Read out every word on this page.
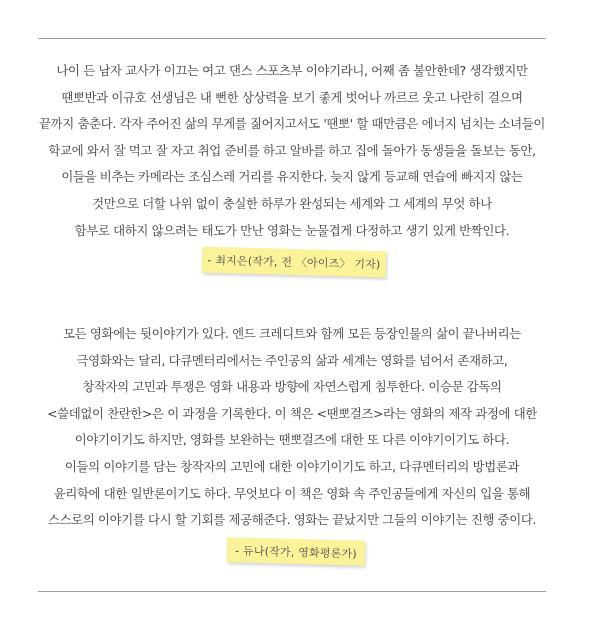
나이 든 남자 교사가 이끄는 여고 댄스 스포츠부 이야기라니, 어째 좀 불안한데? 생각했지만
땐뽀반과 이규호 선생님은 내 뻔한 상상력을 보기 좋게 벗어나 까르르 웃고 나란히 걸으며
끝까지 춤춘다. 각자 주어진 삶의 무게를 짊어지고서도 '땐뽀' 할 때만큼은 에너지 넘치는 소녀들이
학교에 와서 잘 먹고 잘 자고 취업 준비를 하고 알바를 하고 집에 돌아가 동생들을 돌보는 동안,
이들을 비추는 카메라는 조심스레 거리를 유지한다. 늦지 않게 등교해 연습에 빠지지 않는
것만으로 더할 나위 없이 충실한 하루가 완성되는 세계와 그 세계의 무엇 하나
함부로 대하지 않으려는 태도가 만난 영화는 눈물겹게 다정하고 생기 있게 반짝인다.
- 최지은(작가, 전 〈아이즈〉 기자)
모든 영화에는 뒷이야기가 있다. 엔드 크레디트와 함께 모든 등장인물의 삶이 끝나버리는
극영화와는 달리, 다큐멘터리에서는 주인공의 삶과 세계는 영화를 넘어서 존재하고,
창작자의 고민과 투쟁은 영화 내용과 방향에 자연스럽게 침투한다. 이승문 감독의
<쓸데없이 찬란한>은 이 과정을 기록한다. 이 책은 <땐뽀걸즈>라는 영화의 제작 과정에 대한
이야기이기도 하지만, 영화를 보완하는 땐뽀걸즈에 대한 또 다른 이야기이기도 하다.
이들의 이야기를 담는 창작자의 고민에 대한 이야기이기도 하고, 다큐멘터리의 방법론과
윤리학에 대한 일반론이기도 하다. 무엇보다 이 책은 영화 속 주인공들에게 자신의 입을 통해
스스로의 이야기를 다시 할 기회를 제공해준다. 영화는 끝났지만 그들의 이야기는 진행 중이다.
- 듀나(작가, 영화평론가)
